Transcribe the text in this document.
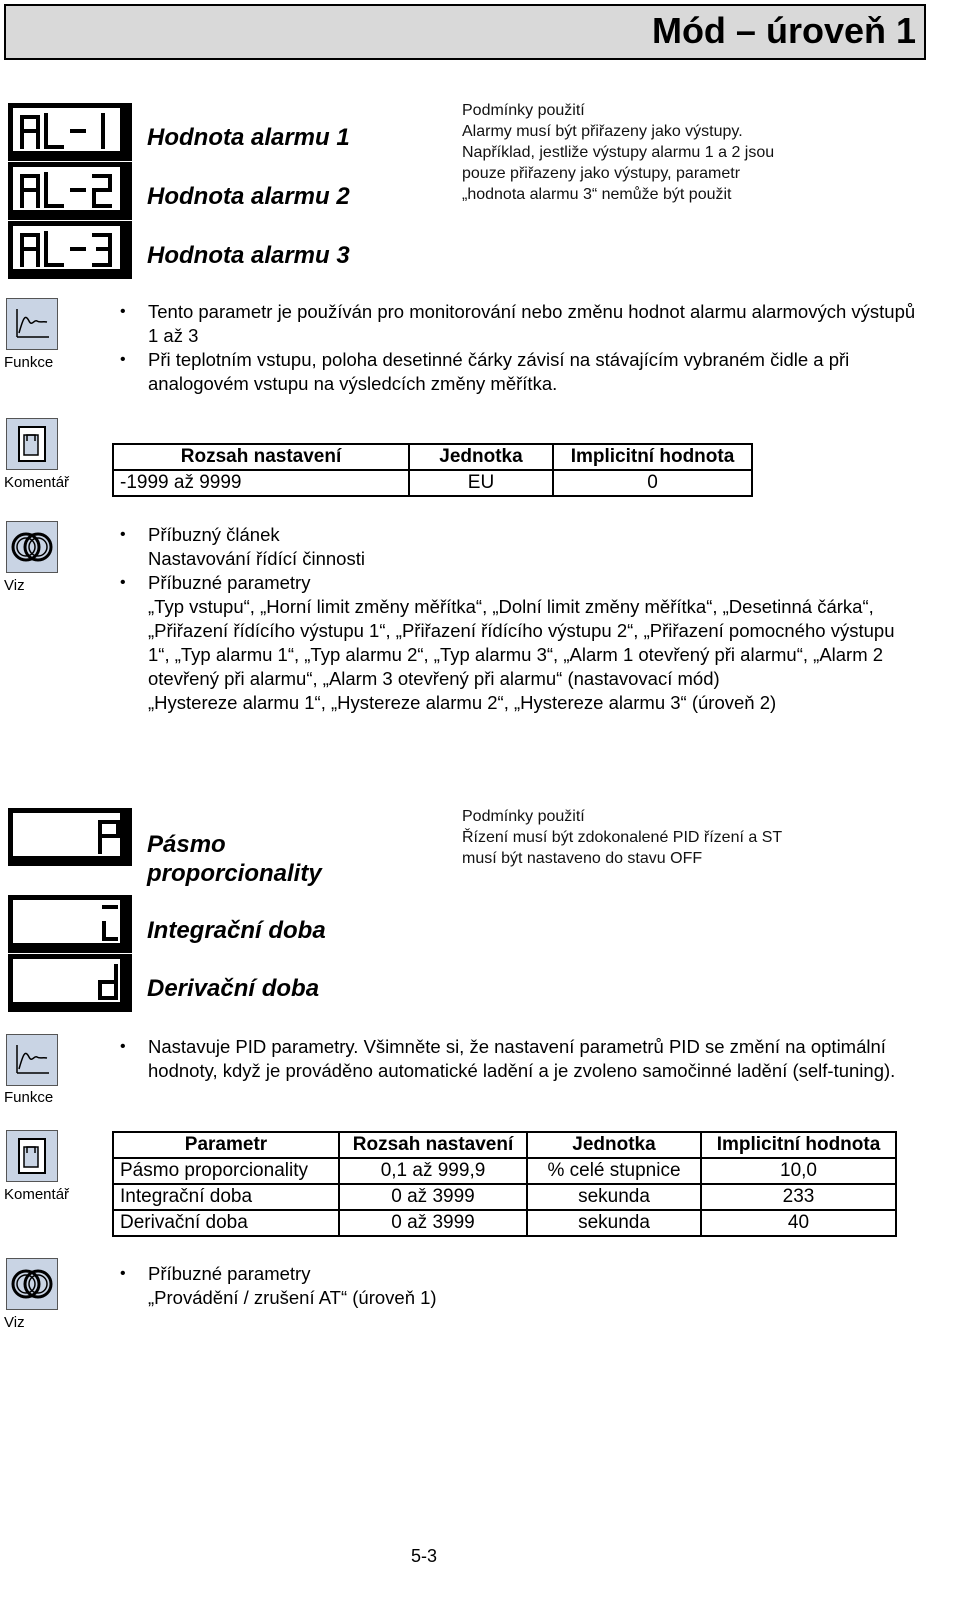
Mód – úroveň 1
Hodnota alarmu 1
Hodnota alarmu 2
Hodnota alarmu 3
Podmínky použití
Alarmy musí být přiřazeny jako výstupy.
Například, jestliže výstupy alarmu 1 a 2 jsou
pouze přiřazeny jako výstupy, parametr
„hodnota alarmu 3“ nemůže být použit
Funkce
• Tento parametr je používán pro monitorování nebo změnu hodnot alarmu alarmových výstupů 1 až 3
• Při teplotním vstupu, poloha desetinné čárky závisí na stávajícím vybraném čidle a při analogovém vstupu na výsledcích změny měřítka.
Komentář
Rozsah nastavení	Jednotka	Implicitní hodnota
-1999 až 9999	EU	0
Viz
• Příbuzný článek
Nastavování řídící činnosti
• Příbuzné parametry
„Typ vstupu“, „Horní limit změny měřítka“, „Dolní limit změny měřítka“, „Desetinná čárka“, „Přiřazení řídícího výstupu 1“, „Přiřazení řídícího výstupu 2“, „Přiřazení pomocného výstupu 1“, „Typ alarmu 1“, „Typ alarmu 2“, „Typ alarmu 3“, „Alarm 1 otevřený při alarmu“, „Alarm 2 otevřený při alarmu“, „Alarm 3 otevřený při alarmu“ (nastavovací mód)
„Hystereze alarmu 1“, „Hystereze alarmu 2“, „Hystereze alarmu 3“ (úroveň 2)
Pásmo proporcionality
Integrační doba
Derivační doba
Podmínky použití
Řízení musí být zdokonalené PID řízení a ST
musí být nastaveno do stavu OFF
Funkce
• Nastavuje PID parametry. Všimněte si, že nastavení parametrů PID se změní na optimální hodnoty, když je prováděno automatické ladění a je zvoleno samočinné ladění (self-tuning).
Komentář
Parametr	Rozsah nastavení	Jednotka	Implicitní hodnota
Pásmo proporcionality	0,1 až 999,9	% celé stupnice	10,0
Integrační doba	0 až 3999	sekunda	233
Derivační doba	0 až 3999	sekunda	40
Viz
• Příbuzné parametry
„Provádění / zrušení AT“ (úroveň 1)
5-3
